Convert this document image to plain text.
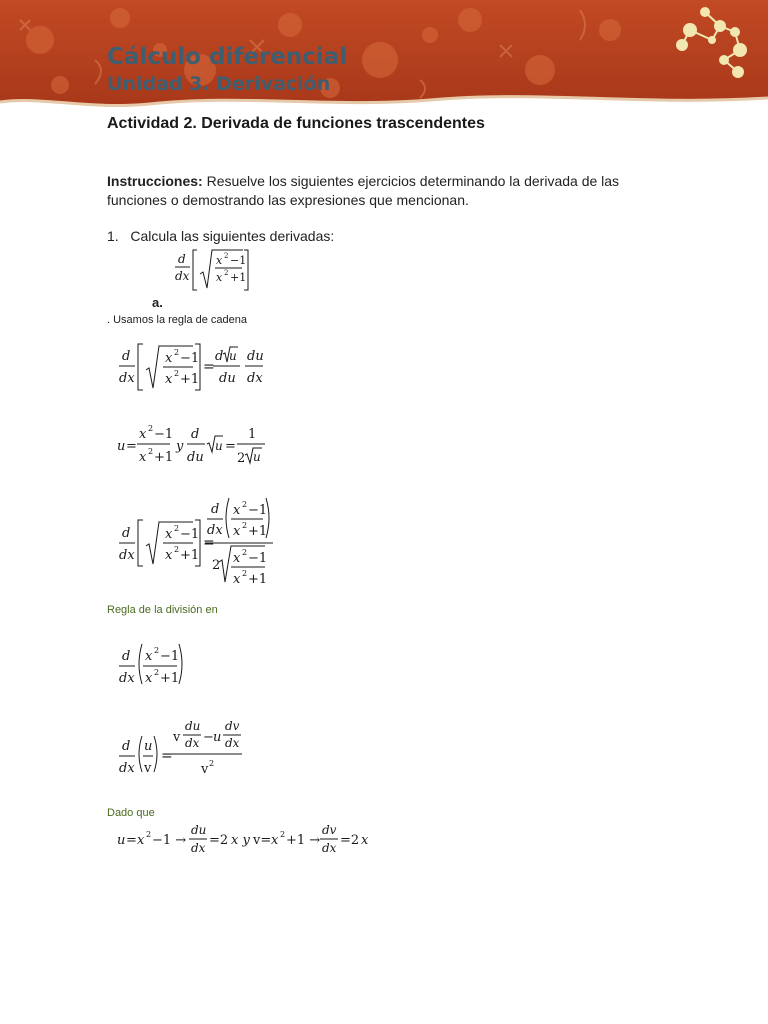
Cálculo diferencial
Unidad 3. Derivación
Actividad 2. Derivada de funciones trascendentes
Instrucciones: Resuelve los siguientes ejercicios determinando la derivada de las funciones o demostrando las expresiones que mencionan.
1. Calcula las siguientes derivadas:
a.
. Usamos la regla de cadena
Regla de la división en
Dado que
d
dx
x 2 −1
x 2 +1
d
dx
x 2 −1
x 2 +1
=
d u
du
du
dx
u =
x 2 −1
x 2 +1
y
d
du
u =
1
2 u
d
dx
x 2 −1
x 2 +1
=
d
dx
x 2 −1
x 2 +1
2 x 2 −1
x 2 +1
d
dx
x 2 −1
x 2 +1
d
dx
u
v
=
v
du
dx − u
dv
dx
v 2
u = x 2 −1 →
du
dx =2 x y v= x 2 +1 →
dv
dx =2 x
